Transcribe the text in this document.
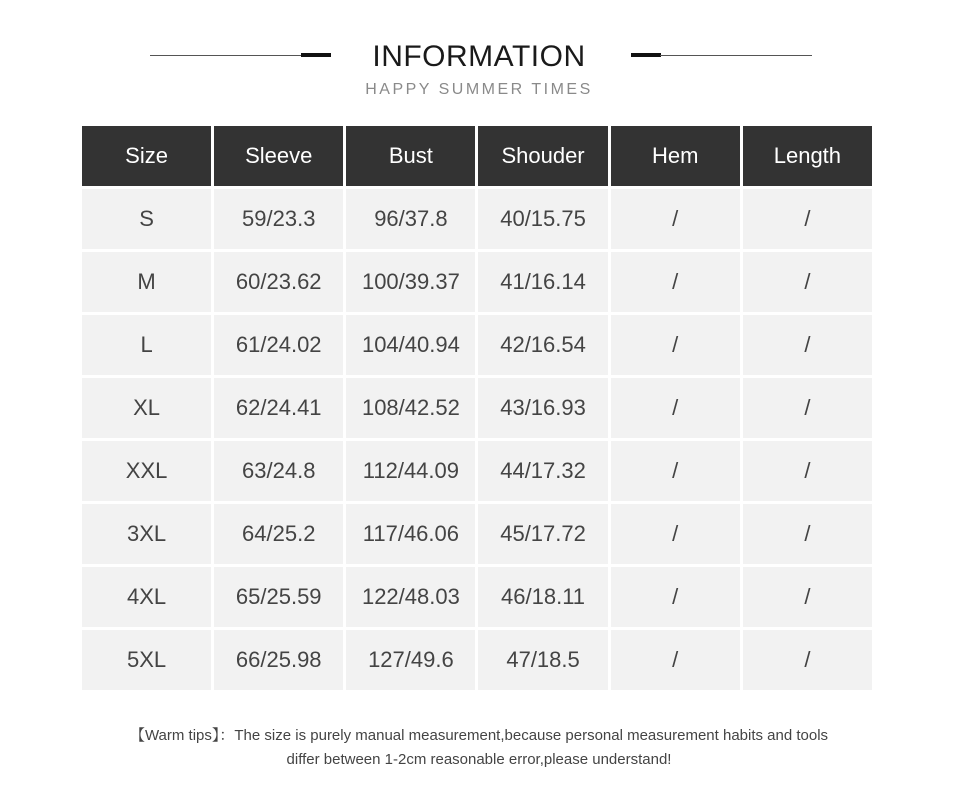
INFORMATION
HAPPY SUMMER TIMES
Size	Sleeve	Bust	Shouder	Hem	Length
S	59/23.3	96/37.8	40/15.75	/	/
M	60/23.62	100/39.37	41/16.14	/	/
L	61/24.02	104/40.94	42/16.54	/	/
XL	62/24.41	108/42.52	43/16.93	/	/
XXL	63/24.8	112/44.09	44/17.32	/	/
3XL	64/25.2	117/46.06	45/17.72	/	/
4XL	65/25.59	122/48.03	46/18.11	/	/
5XL	66/25.98	127/49.6	47/18.5	/	/
【Warm tips】：The size is purely manual measurement,because personal measurement habits and tools
differ between 1-2cm reasonable error,please understand!
